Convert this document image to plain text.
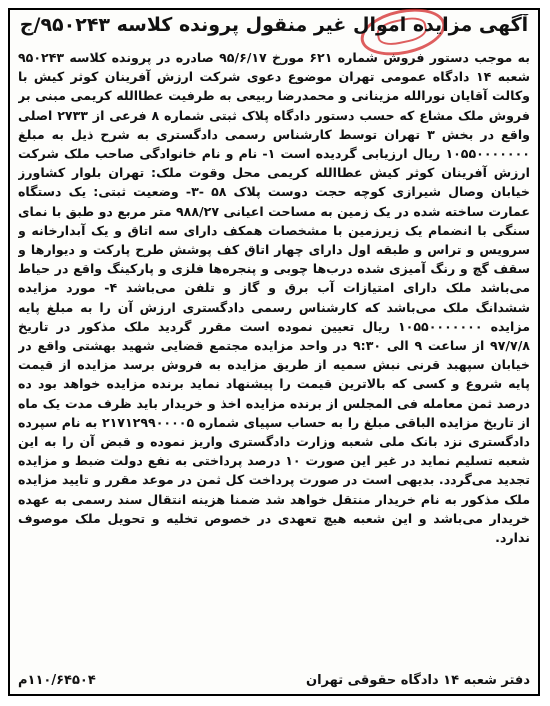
آگهی مزایده اموال غیر منقول پرونده کلاسه ۹۵۰۲۴۳/ج
به موجب دستور فروش شماره ۶۲۱ مورخ ۹۵/۶/۱۷ صادره در پرونده کلاسه ۹۵۰۲۴۳ شعبه ۱۴ دادگاه عمومی تهران موضوع دعوی شرکت ارزش آفرینان کوثر کیش با وکالت آقایان نورالله مزینانی و محمدرضا ربیعی به طرفیت عطاالله کریمی مبنی بر فروش ملک مشاع که حسب دستور دادگاه پلاک ثبتی شماره ۸ فرعی از ۲۷۳۳ اصلی واقع در بخش ۳ تهران توسط کارشناس رسمی دادگستری به شرح ذیل به مبلغ ۱۰۵۵۰۰۰۰۰۰۰ ریال ارزیابی گردیده است ۱- نام و نام خانوادگی صاحب ملک شرکت ارزش آفرینان کوثر کیش عطاالله کریمی محل وقوت ملک: تهران بلوار کشاورز خیابان وصال شیرازی کوچه حجت دوست پلاک ۵۸ -۳- وضعیت ثبتی: یک دستگاه عمارت ساخته شده در یک زمین به مساحت اعیانی ۹۸۸/۲۷ متر مربع دو طبق با نمای سنگی با انضمام یک زیرزمین با مشخصات همکف دارای سه اتاق و یک آبدارخانه و سرویس و تراس و طبقه اول دارای چهار اتاق کف پوشش طرح پارکت و دیوارها و سقف گچ و رنگ آمیزی شده درب‌ها چوبی و پنجره‌ها فلزی و پارکینگ واقع در حیاط می‌باشد ملک دارای امتیازات آب برق و گاز و تلفن می‌باشد ۴- مورد مزایده ششدانگ ملک می‌باشد که کارشناس رسمی دادگستری ارزش آن را به مبلغ پایه مزایده ۱۰۵۵۰۰۰۰۰۰۰ ریال تعیین نموده است مقرر گردید ملک مذکور در تاریخ ۹۷/۷/۸ از ساعت ۹ الی ۹:۳۰ در واحد مزایده مجتمع قضایی شهید بهشتی واقع در خیابان سپهبد قرنی نبش سمیه از طریق مزایده به فروش برسد مزایده از قیمت پایه شروع و کسی که بالاترین قیمت را پیشنهاد نماید برنده مزایده خواهد بود ده درصد ثمن معامله فی المجلس از برنده مزایده اخذ و خریدار باید ظرف مدت یک ماه از تاریخ مزایده الباقی مبلغ را به حساب سپیای شماره ۲۱۷۱۲۹۹۰۰۰۰۵ به نام سپرده دادگستری نزد بانک ملی شعبه وزارت دادگستری واریز نموده و قبض آن را به این شعبه تسلیم نماید در غیر این صورت ۱۰ درصد پرداختی به نفع دولت ضبط و مزایده تجدید می‌گردد. بدیهی است در صورت پرداخت کل ثمن در موعد مقرر و تایید مزایده ملک مذکور به نام خریدار منتقل خواهد شد ضمنا هزینه انتقال سند رسمی به عهده خریدار می‌باشد و این شعبه هیچ تعهدی در خصوص تخلیه و تحویل ملک موصوف ندارد.
دفتر شعبه ۱۴ دادگاه حقوقی تهران
۱۱۰/۶۴۵۰۴م
